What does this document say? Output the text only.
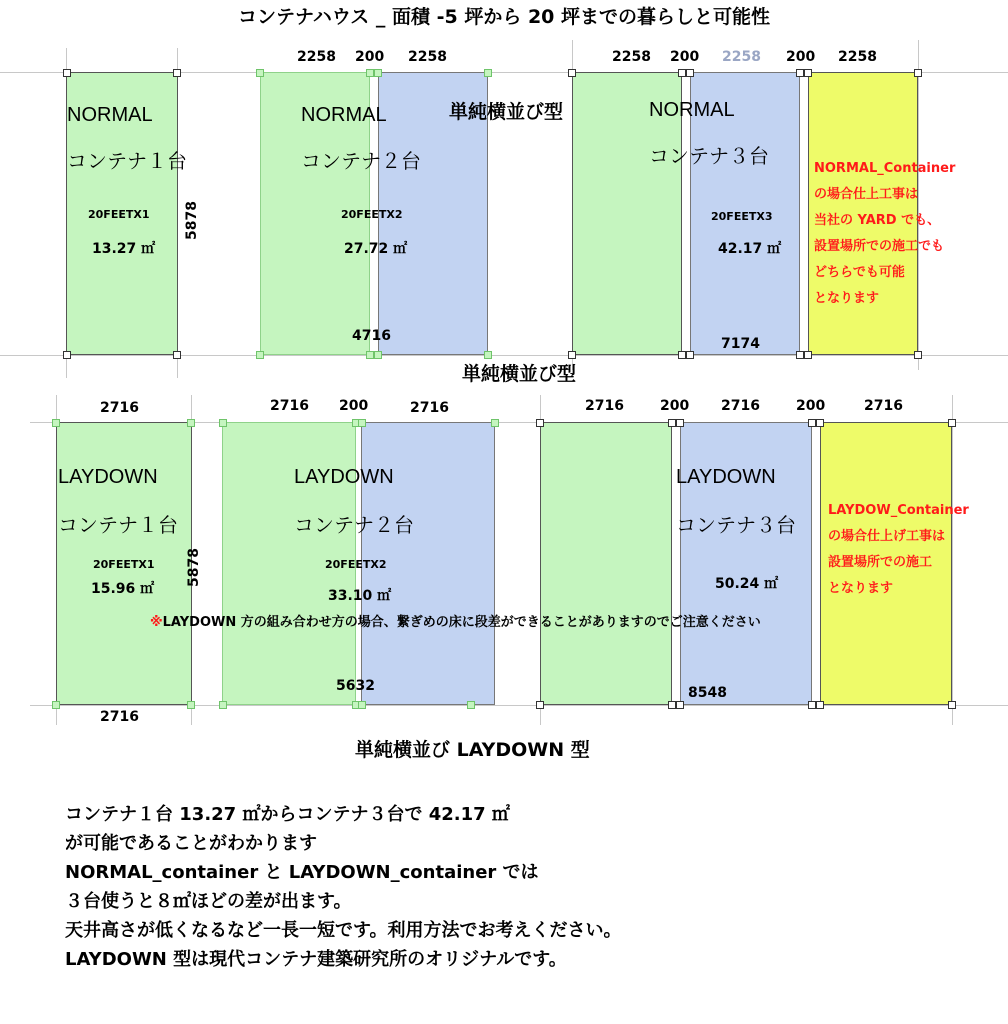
コンテナハウス _ 面積 -5 坪から 20 坪までの暮らしと可能性
NORMAL
コンテナ１台
20FEETX1
13.27 ㎡
5878
2258 200 2258
NORMAL
コンテナ２台
20FEETX2
27.72 ㎡
4716
単純横並び型
2258 200 2258 200 2258
NORMAL
コンテナ３台
20FEETX3
42.17 ㎡
7174
NORMAL_Container
の場合仕上工事は
当社の YARD でも、
設置場所での施工でも
どちらでも可能
となります
単純横並び型
2716
2716
LAYDOWN
コンテナ１台
20FEETX1
15.96 ㎡
5878
2716 200	2716
LAYDOWN
コンテナ２台
20FEETX2
33.10 ㎡
5632
2716	200 2716	200	2716
LAYDOWN
コンテナ３台
50.24 ㎡
8548
LAYDOW_Container
の場合仕上げ工事は
設置場所での施工
となります
※LAYDOWN 方の組み合わせ方の場合、繋ぎめの床に段差ができることがありますのでご注意ください
単純横並び LAYDOWN 型
コンテナ１台 13.27 ㎡からコンテナ３台で 42.17 ㎡
が可能であることがわかります
NORMAL_container と LAYDOWN_container では
３台使うと８㎡ほどの差が出ます。
天井高さが低くなるなど一長一短です。利用方法でお考えください。
LAYDOWN 型は現代コンテナ建築研究所のオリジナルです。
